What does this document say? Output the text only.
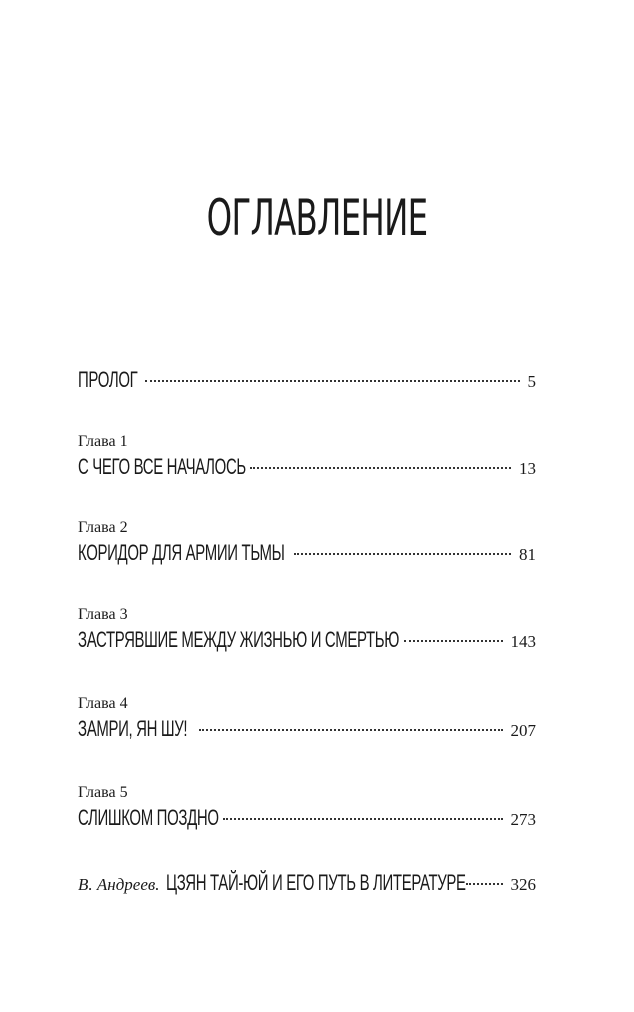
ОГЛАВЛЕНИЕ
ПРОЛОГ	5
Глава 1
С ЧЕГО ВСЕ НАЧАЛОСЬ	13
Глава 2
КОРИДОР ДЛЯ АРМИИ ТЬМЫ	81
Глава 3
ЗАСТРЯВШИЕ МЕЖДУ ЖИЗНЬЮ И СМЕРТЬЮ	143
Глава 4
ЗАМРИ, ЯН ШУ!	207
Глава 5
СЛИШКОМ ПОЗДНО	273
В. Андреев. ЦЗЯН ТАЙ-ЮЙ И ЕГО ПУТЬ В ЛИТЕРАТУРЕ	326
